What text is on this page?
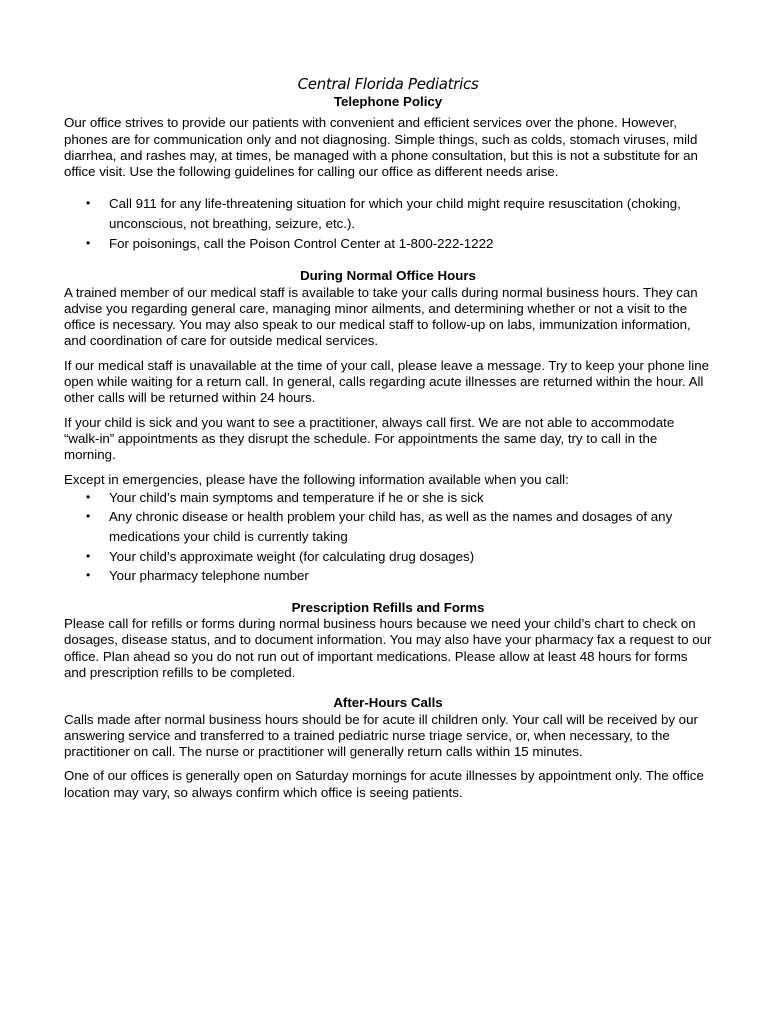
Central Florida Pediatrics
Telephone Policy

Our office strives to provide our patients with convenient and efficient services over the phone. However, phones are for communication only and not diagnosing. Simple things, such as colds, stomach viruses, mild diarrhea, and rashes may, at times, be managed with a phone consultation, but this is not a substitute for an office visit. Use the following guidelines for calling our office as different needs arise.

• Call 911 for any life-threatening situation for which your child might require resuscitation (choking, unconscious, not breathing, seizure, etc.).
• For poisonings, call the Poison Control Center at 1-800-222-1222
During Normal Office Hours

A trained member of our medical staff is available to take your calls during normal business hours. They can advise you regarding general care, managing minor ailments, and determining whether or not a visit to the office is necessary. You may also speak to our medical staff to follow-up on labs, immunization information, and coordination of care for outside medical services.

If our medical staff is unavailable at the time of your call, please leave a message. Try to keep your phone line open while waiting for a return call. In general, calls regarding acute illnesses are returned within the hour. All other calls will be returned within 24 hours.

If your child is sick and you want to see a practitioner, always call first. We are not able to accommodate “walk-in” appointments as they disrupt the schedule. For appointments the same day, try to call in the morning.

Except in emergencies, please have the following information available when you call:

• Your child’s main symptoms and temperature if he or she is sick
• Any chronic disease or health problem your child has, as well as the names and dosages of any medications your child is currently taking
• Your child’s approximate weight (for calculating drug dosages)
• Your pharmacy telephone number
Prescription Refills and Forms

Please call for refills or forms during normal business hours because we need your child’s chart to check on dosages, disease status, and to document information. You may also have your pharmacy fax a request to our office. Plan ahead so you do not run out of important medications. Please allow at least 48 hours for forms and prescription refills to be completed.

After-Hours Calls

Calls made after normal business hours should be for acute ill children only. Your call will be received by our answering service and transferred to a trained pediatric nurse triage service, or, when necessary, to the practitioner on call. The nurse or practitioner will generally return calls within 15 minutes.

One of our offices is generally open on Saturday mornings for acute illnesses by appointment only. The office location may vary, so always confirm which office is seeing patients.
